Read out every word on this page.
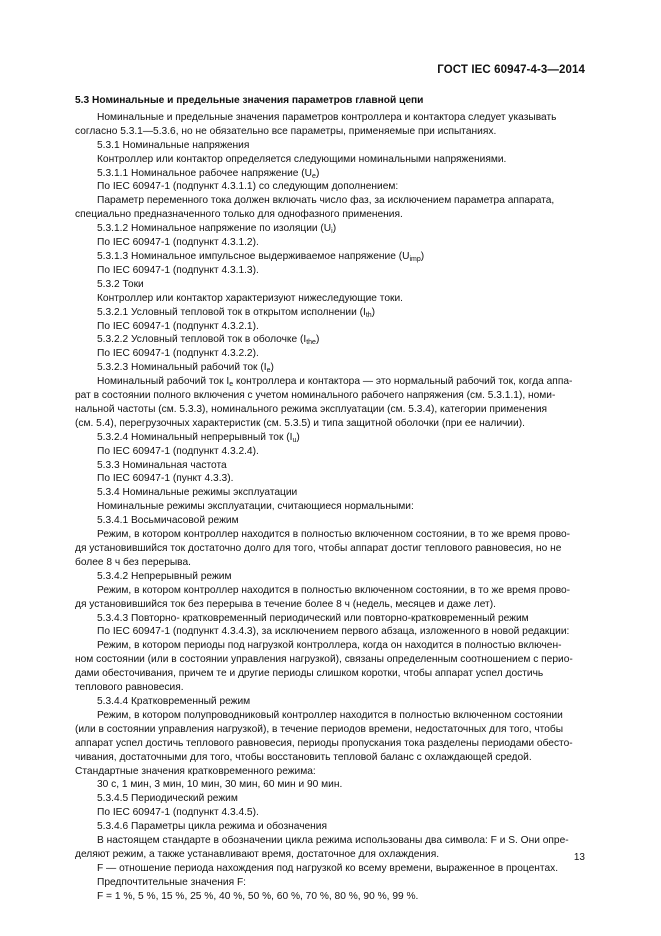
ГОСТ IEC 60947-4-3—2014
5.3 Номинальные и предельные значения параметров главной цепи
Номинальные и предельные значения параметров контроллера и контактора следует указывать
согласно 5.3.1—5.3.6, но не обязательно все параметры, применяемые при испытаниях.
5.3.1 Номинальные напряжения
Контроллер или контактор определяется следующими номинальными напряжениями.
5.3.1.1 Номинальное рабочее напряжение $(U_e)$
По IEC 60947-1 (подпункт 4.3.1.1) со следующим дополнением:
Параметр переменного тока должен включать число фаз, за исключением параметра аппарата,
специально предназначенного только для однофазного применения.
5.3.1.2 Номинальное напряжение по изоляции $(U_i)$
По IEC 60947-1 (подпункт 4.3.1.2).
5.3.1.3 Номинальное импульсное выдерживаемое напряжение $(U_{imp})$
По IEC 60947-1 (подпункт 4.3.1.3).
5.3.2 Токи
Контроллер или контактор характеризуют нижеследующие токи.
5.3.2.1 Условный тепловой ток в открытом исполнении $(I_{th})$
По IEC 60947-1 (подпункт 4.3.2.1).
5.3.2.2 Условный тепловой ток в оболочке $(I_{the})$
По IEC 60947-1 (подпункт 4.3.2.2).
5.3.2.3 Номинальный рабочий ток $(I_e)$
Номинальный рабочий ток $I_e$ контроллера и контактора — это нормальный рабочий ток, когда аппа-
рат в состоянии полного включения с учетом номинального рабочего напряжения (см. 5.3.1.1), номи-
нальной частоты (см. 5.3.3), номинального режима эксплуатации (см. 5.3.4), категории применения
(см. 5.4), перегрузочных характеристик (см. 5.3.5) и типа защитной оболочки (при ее наличии).
5.3.2.4 Номинальный непрерывный ток $(I_u)$
По IEC 60947-1 (подпункт 4.3.2.4).
5.3.3 Номинальная частота
По IEC 60947-1 (пункт 4.3.3).
5.3.4 Номинальные режимы эксплуатации
Номинальные режимы эксплуатации, считающиеся нормальными:
5.3.4.1 Восьмичасовой режим
Режим, в котором контроллер находится в полностью включенном состоянии, в то же время прово-
дя установившийся ток достаточно долго для того, чтобы аппарат достиг теплового равновесия, но не
более 8 ч без перерыва.
5.3.4.2 Непрерывный режим
Режим, в котором контроллер находится в полностью включенном состоянии, в то же время прово-
дя установившийся ток без перерыва в течение более 8 ч (недель, месяцев и даже лет).
5.3.4.3 Повторно- кратковременный периодический или повторно-кратковременный режим
По IEC 60947-1 (подпункт 4.3.4.3), за исключением первого абзаца, изложенного в новой редакции:
Режим, в котором периоды под нагрузкой контроллера, когда он находится в полностью включен-
ном состоянии (или в состоянии управления нагрузкой), связаны определенным соотношением с перио-
дами обесточивания, причем те и другие периоды слишком коротки, чтобы аппарат успел достичь
теплового равновесия.
5.3.4.4 Кратковременный режим
Режим, в котором полупроводниковый контроллер находится в полностью включенном состоянии
(или в состоянии управления нагрузкой), в течение периодов времени, недостаточных для того, чтобы
аппарат успел достичь теплового равновесия, периоды пропускания тока разделены периодами обесто-
чивания, достаточными для того, чтобы восстановить тепловой баланс с охлаждающей средой.
Стандартные значения кратковременного режима:
30 с, 1 мин, 3 мин, 10 мин, 30 мин, 60 мин и 90 мин.
5.3.4.5 Периодический режим
По IEC 60947-1 (подпункт 4.3.4.5).
5.3.4.6 Параметры цикла режима и обозначения
В настоящем стандарте в обозначении цикла режима использованы два символа: F и S. Они опре-
деляют режим, а также устанавливают время, достаточное для охлаждения.
F — отношение периода нахождения под нагрузкой ко всему времени, выраженное в процентах.
Предпочтительные значения F:
F = 1 %, 5 %, 15 %, 25 %, 40 %, 50 %, 60 %, 70 %, 80 %, 90 %, 99 %.
13
